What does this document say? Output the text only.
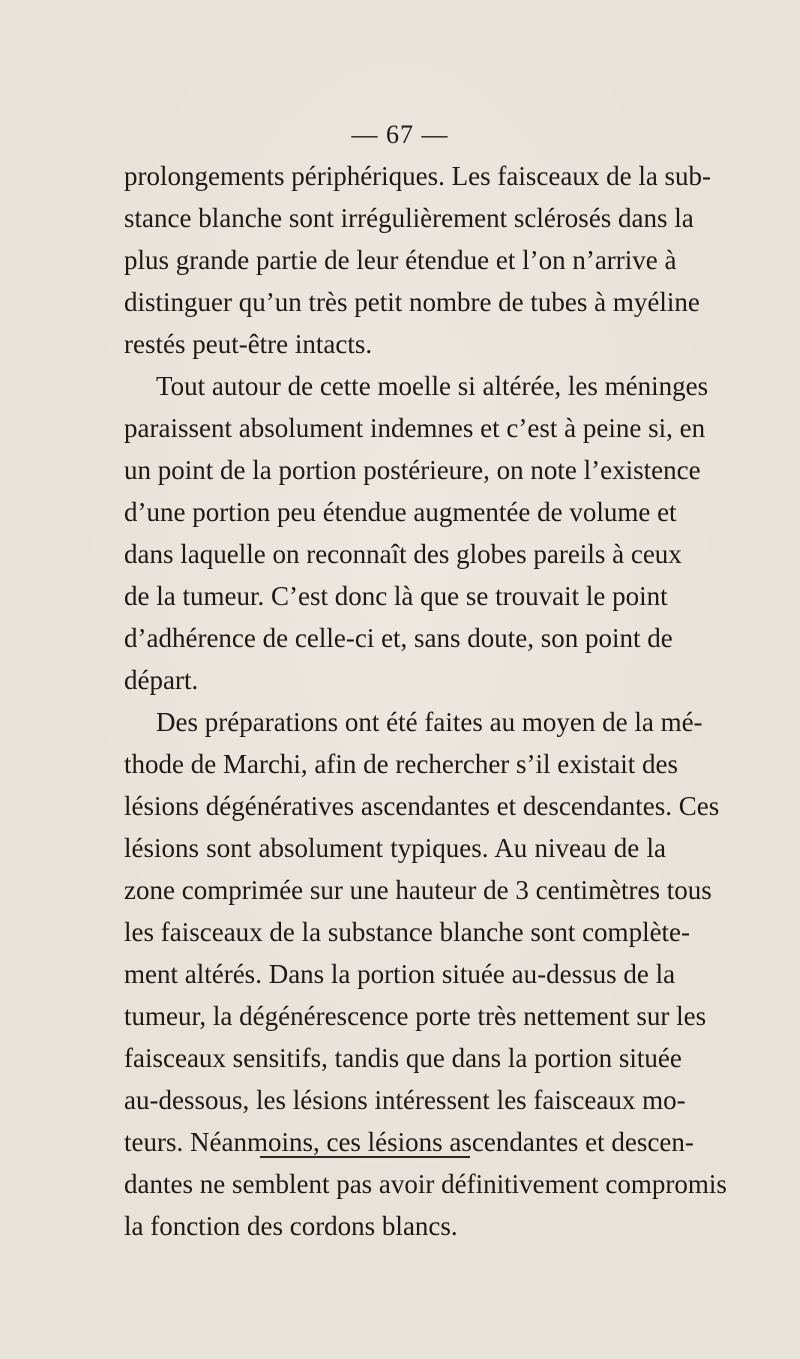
— 67 —
prolongements périphériques. Les faisceaux de la sub-
stance blanche sont irrégulièrement sclérosés dans la
plus grande partie de leur étendue et l’on n’arrive à
distinguer qu’un très petit nombre de tubes à myéline
restés peut-être intacts.
Tout autour de cette moelle si altérée, les méninges
paraissent absolument indemnes et c’est à peine si, en
un point de la portion postérieure, on note l’existence
d’une portion peu étendue augmentée de volume et
dans laquelle on reconnaît des globes pareils à ceux
de la tumeur. C’est donc là que se trouvait le point
d’adhérence de celle-ci et, sans doute, son point de
départ.
Des préparations ont été faites au moyen de la mé-
thode de Marchi, afin de rechercher s’il existait des
lésions dégénératives ascendantes et descendantes. Ces
lésions sont absolument typiques. Au niveau de la
zone comprimée sur une hauteur de 3 centimètres tous
les faisceaux de la substance blanche sont complète-
ment altérés. Dans la portion située au-dessus de la
tumeur, la dégénérescence porte très nettement sur les
faisceaux sensitifs, tandis que dans la portion située
au-dessous, les lésions intéressent les faisceaux mo-
teurs. Néanmoins, ces lésions ascendantes et descen-
dantes ne semblent pas avoir définitivement compromis
la fonction des cordons blancs.
